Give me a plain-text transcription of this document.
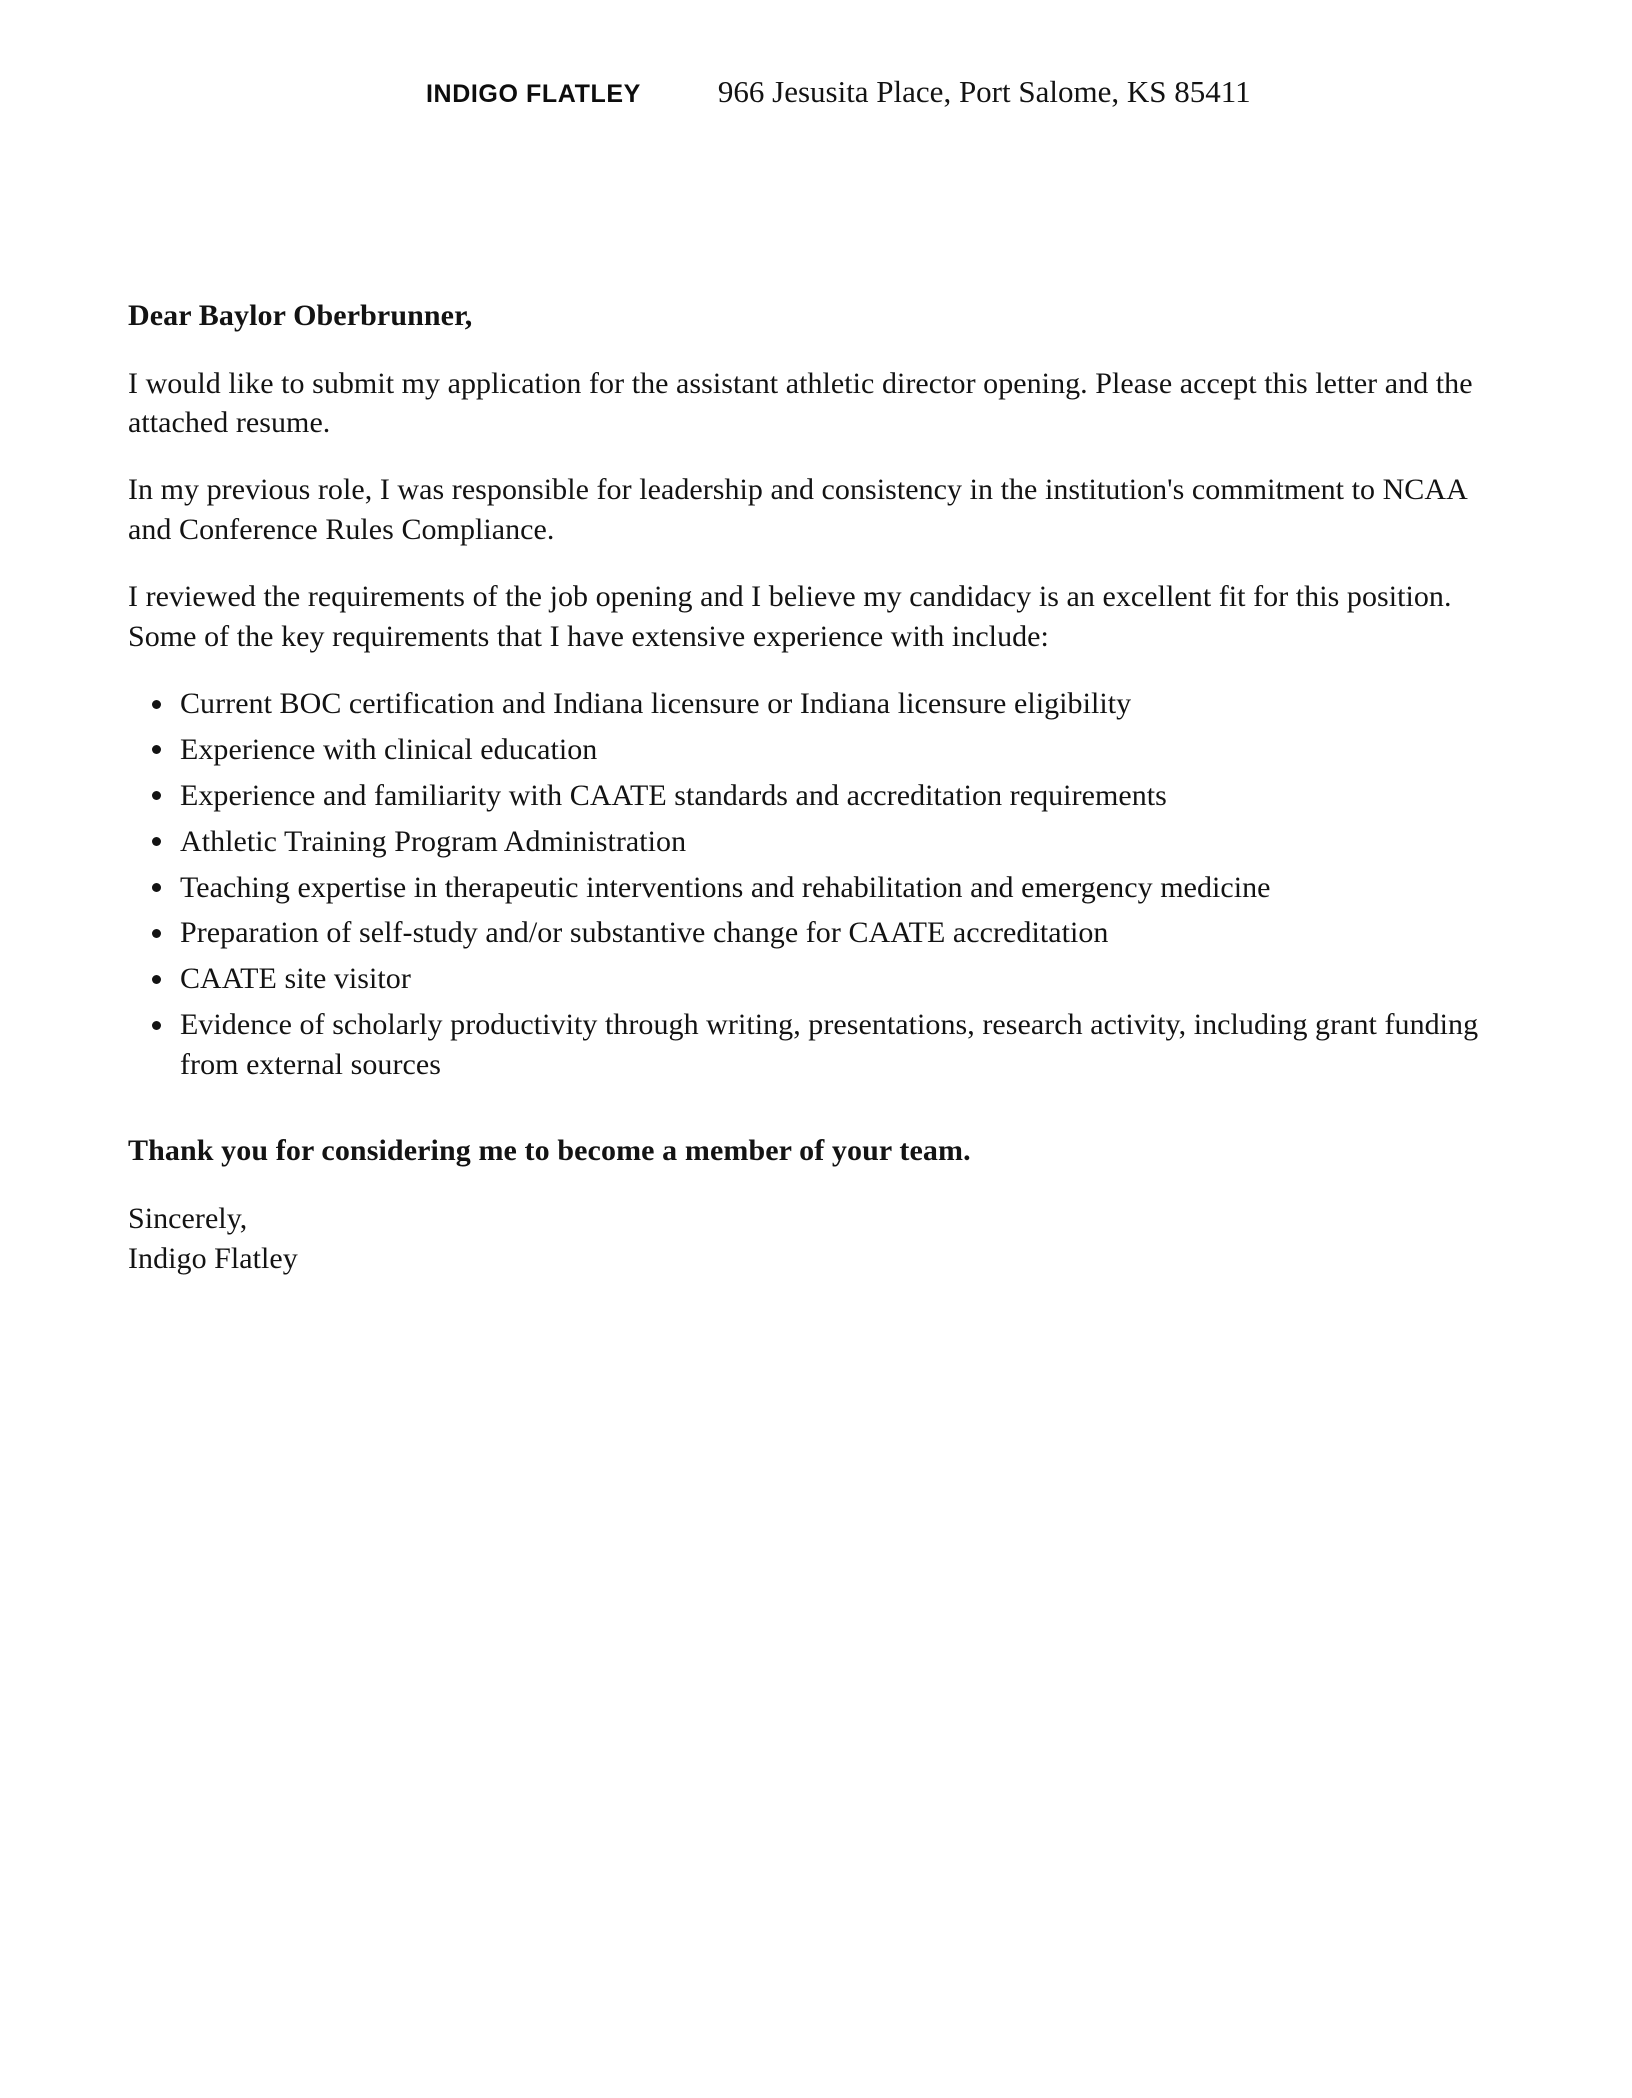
INDIGO FLATLEY 966 Jesusita Place, Port Salome, KS 85411

Dear Baylor Oberbrunner,

I would like to submit my application for the assistant athletic director opening. Please accept this letter and the attached resume.

In my previous role, I was responsible for leadership and consistency in the institution's commitment to NCAA and Conference Rules Compliance.

I reviewed the requirements of the job opening and I believe my candidacy is an excellent fit for this position. Some of the key requirements that I have extensive experience with include:

Current BOC certification and Indiana licensure or Indiana licensure eligibility
Experience with clinical education
Experience and familiarity with CAATE standards and accreditation requirements
Athletic Training Program Administration
Teaching expertise in therapeutic interventions and rehabilitation and emergency medicine
Preparation of self-study and/or substantive change for CAATE accreditation
CAATE site visitor
Evidence of scholarly productivity through writing, presentations, research activity, including grant funding from external sources

Thank you for considering me to become a member of your team.

Sincerely,
Indigo Flatley
